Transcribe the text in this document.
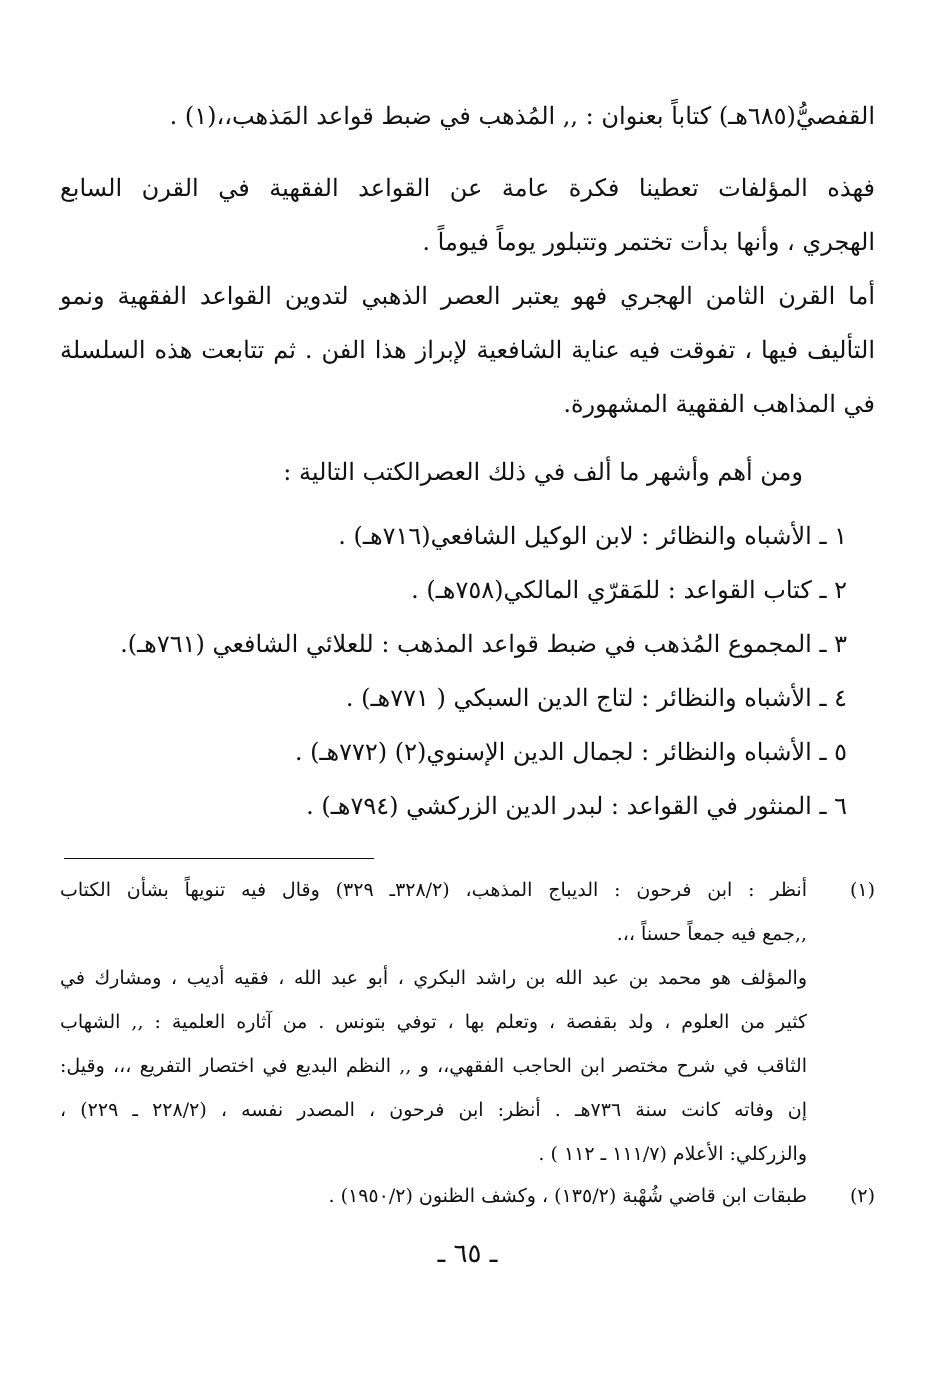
القفصيُّ(٦٨٥هـ) كتاباً بعنوان : ,, المُذهب في ضبط قواعد المَذهب،،(١) .
فهذه المؤلفات تعطينا فكرة عامة عن القواعد الفقهية في القرن السابع
الهجري ، وأنها بدأت تختمر وتتبلور يوماً فيوماً .
أما القرن الثامن الهجري فهو يعتبر العصر الذهبي لتدوين القواعد الفقهية ونمو
التأليف فيها ، تفوقت فيه عناية الشافعية لإبراز هذا الفن . ثم تتابعت هذه السلسلة
في المذاهب الفقهية المشهورة.
ومن أهم وأشهر ما ألف في ذلك العصرالكتب التالية :
١ ـ الأشباه والنظائر : لابن الوكيل الشافعي(٧١٦هـ) .
٢ ـ كتاب القواعد : للمَقرّي المالكي(٧٥٨هـ) .
٣ ـ المجموع المُذهب في ضبط قواعد المذهب : للعلائي الشافعي (٧٦١هـ).
٤ ـ الأشباه والنظائر : لتاج الدين السبكي ( ٧٧١هـ) .
٥ ـ الأشباه والنظائر : لجمال الدين الإسنوي(٢) (٧٧٢هـ) .
٦ ـ المنثور في القواعد : لبدر الدين الزركشي (٧٩٤هـ) .
(١)
أنظر : ابن فرحون : الديباج المذهب، (٣٢٨/٢ـ ٣٢٩) وقال فيه تنويهاً بشأن الكتاب
,,جمع فيه جمعاً حسناً ،،.
والمؤلف هو محمد بن عبد الله بن راشد البكري ، أبو عبد الله ، فقيه أديب ، ومشارك في
كثير من العلوم ، ولد بقفصة ، وتعلم بها ، توفي بتونس . من آثاره العلمية : ,, الشهاب
الثاقب في شرح مختصر ابن الحاجب الفقهي،، و ,, النظم البديع في اختصار التفريع ،،، وقيل:
إن وفاته كانت سنة ٧٣٦هـ . أنظر: ابن فرحون ، المصدر نفسه ، (٢٢٨/٢ ـ ٢٢٩) ،
والزركلي: الأعلام (١١١/٧ ـ ١١٢ ) .
(٢)
طبقات ابن قاضي شُهْبة (١٣٥/٢) ، وكشف الظنون (١٩٥٠/٢) .
ـ ٦٥ ـ
